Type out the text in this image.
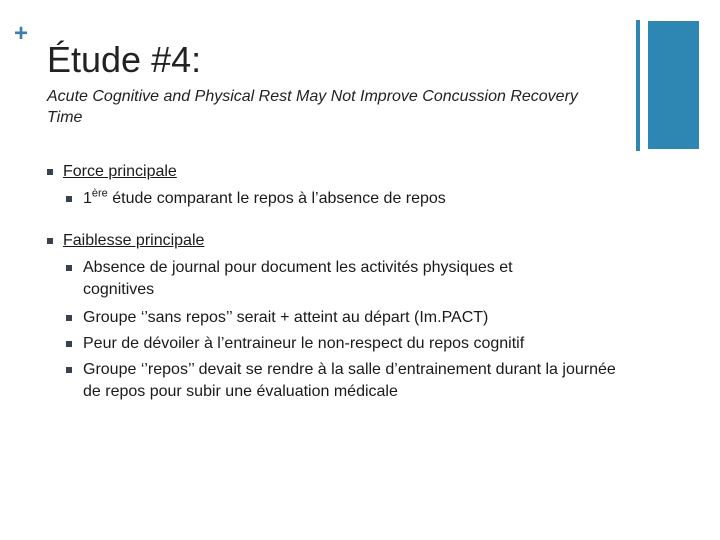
+
Étude #4:
Acute Cognitive and Physical Rest May Not Improve Concussion Recovery Time
Force principale
1ère étude comparant le repos à l’absence de repos
Faiblesse principale
Absence de journal pour document les activités physiques et cognitives
Groupe ‘’sans repos’’ serait + atteint au départ (Im.PACT)
Peur de dévoiler à l’entraineur le non-respect du repos cognitif
Groupe ‘’repos’’ devait se rendre à la salle d’entrainement durant la journée de repos pour subir une évaluation médicale
